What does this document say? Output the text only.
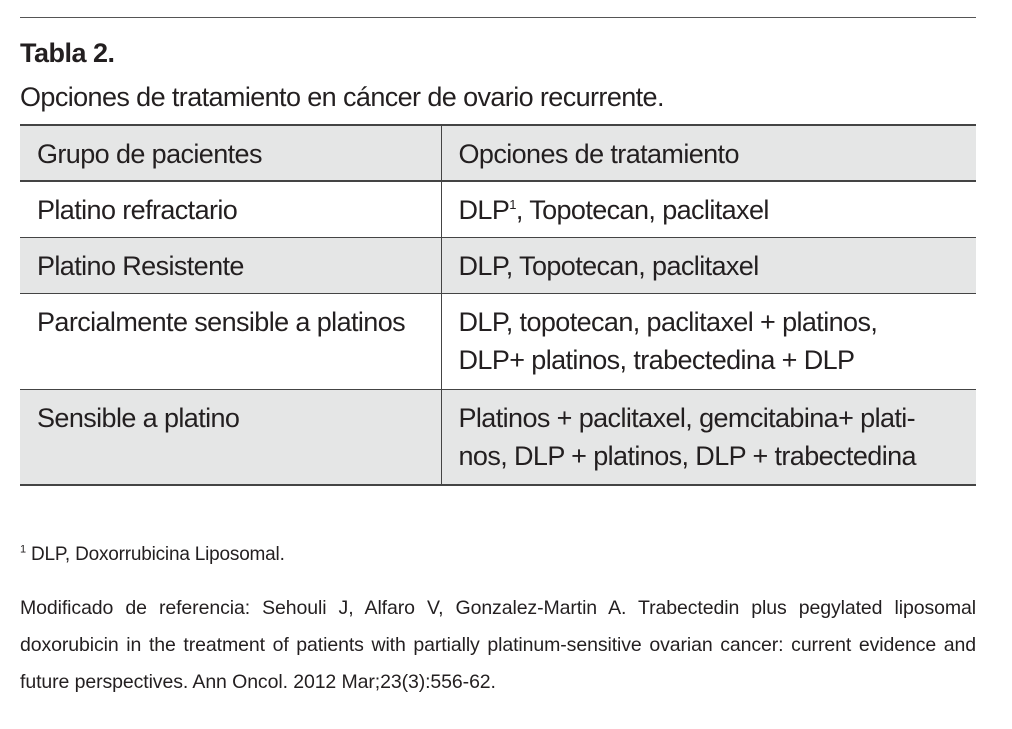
Tabla 2.
Opciones de tratamiento en cáncer de ovario recurrente.
Grupo de pacientes	Opciones de tratamiento
Platino refractario	DLP$^1$, Topotecan, paclitaxel
Platino Resistente	DLP, Topotecan, paclitaxel
Parcialmente sensible a platinos	DLP, topotecan, paclitaxel + platinos,
DLP+ platinos, trabectedina + DLP

Sensible a platino	Platinos + paclitaxel, gemcitabina+ plati-
nos, DLP + platinos, DLP + trabectedina
$^1$ DLP, Doxorrubicina Liposomal.
Modificado de referencia: Sehouli J, Alfaro V, Gonzalez-Martin A. Trabectedin plus pegylated liposomal doxorubicin in the treatment of patients with partially platinum-sensitive ovarian cancer: current evidence and future perspectives. Ann Oncol. 2012 Mar;23(3):556-62.
